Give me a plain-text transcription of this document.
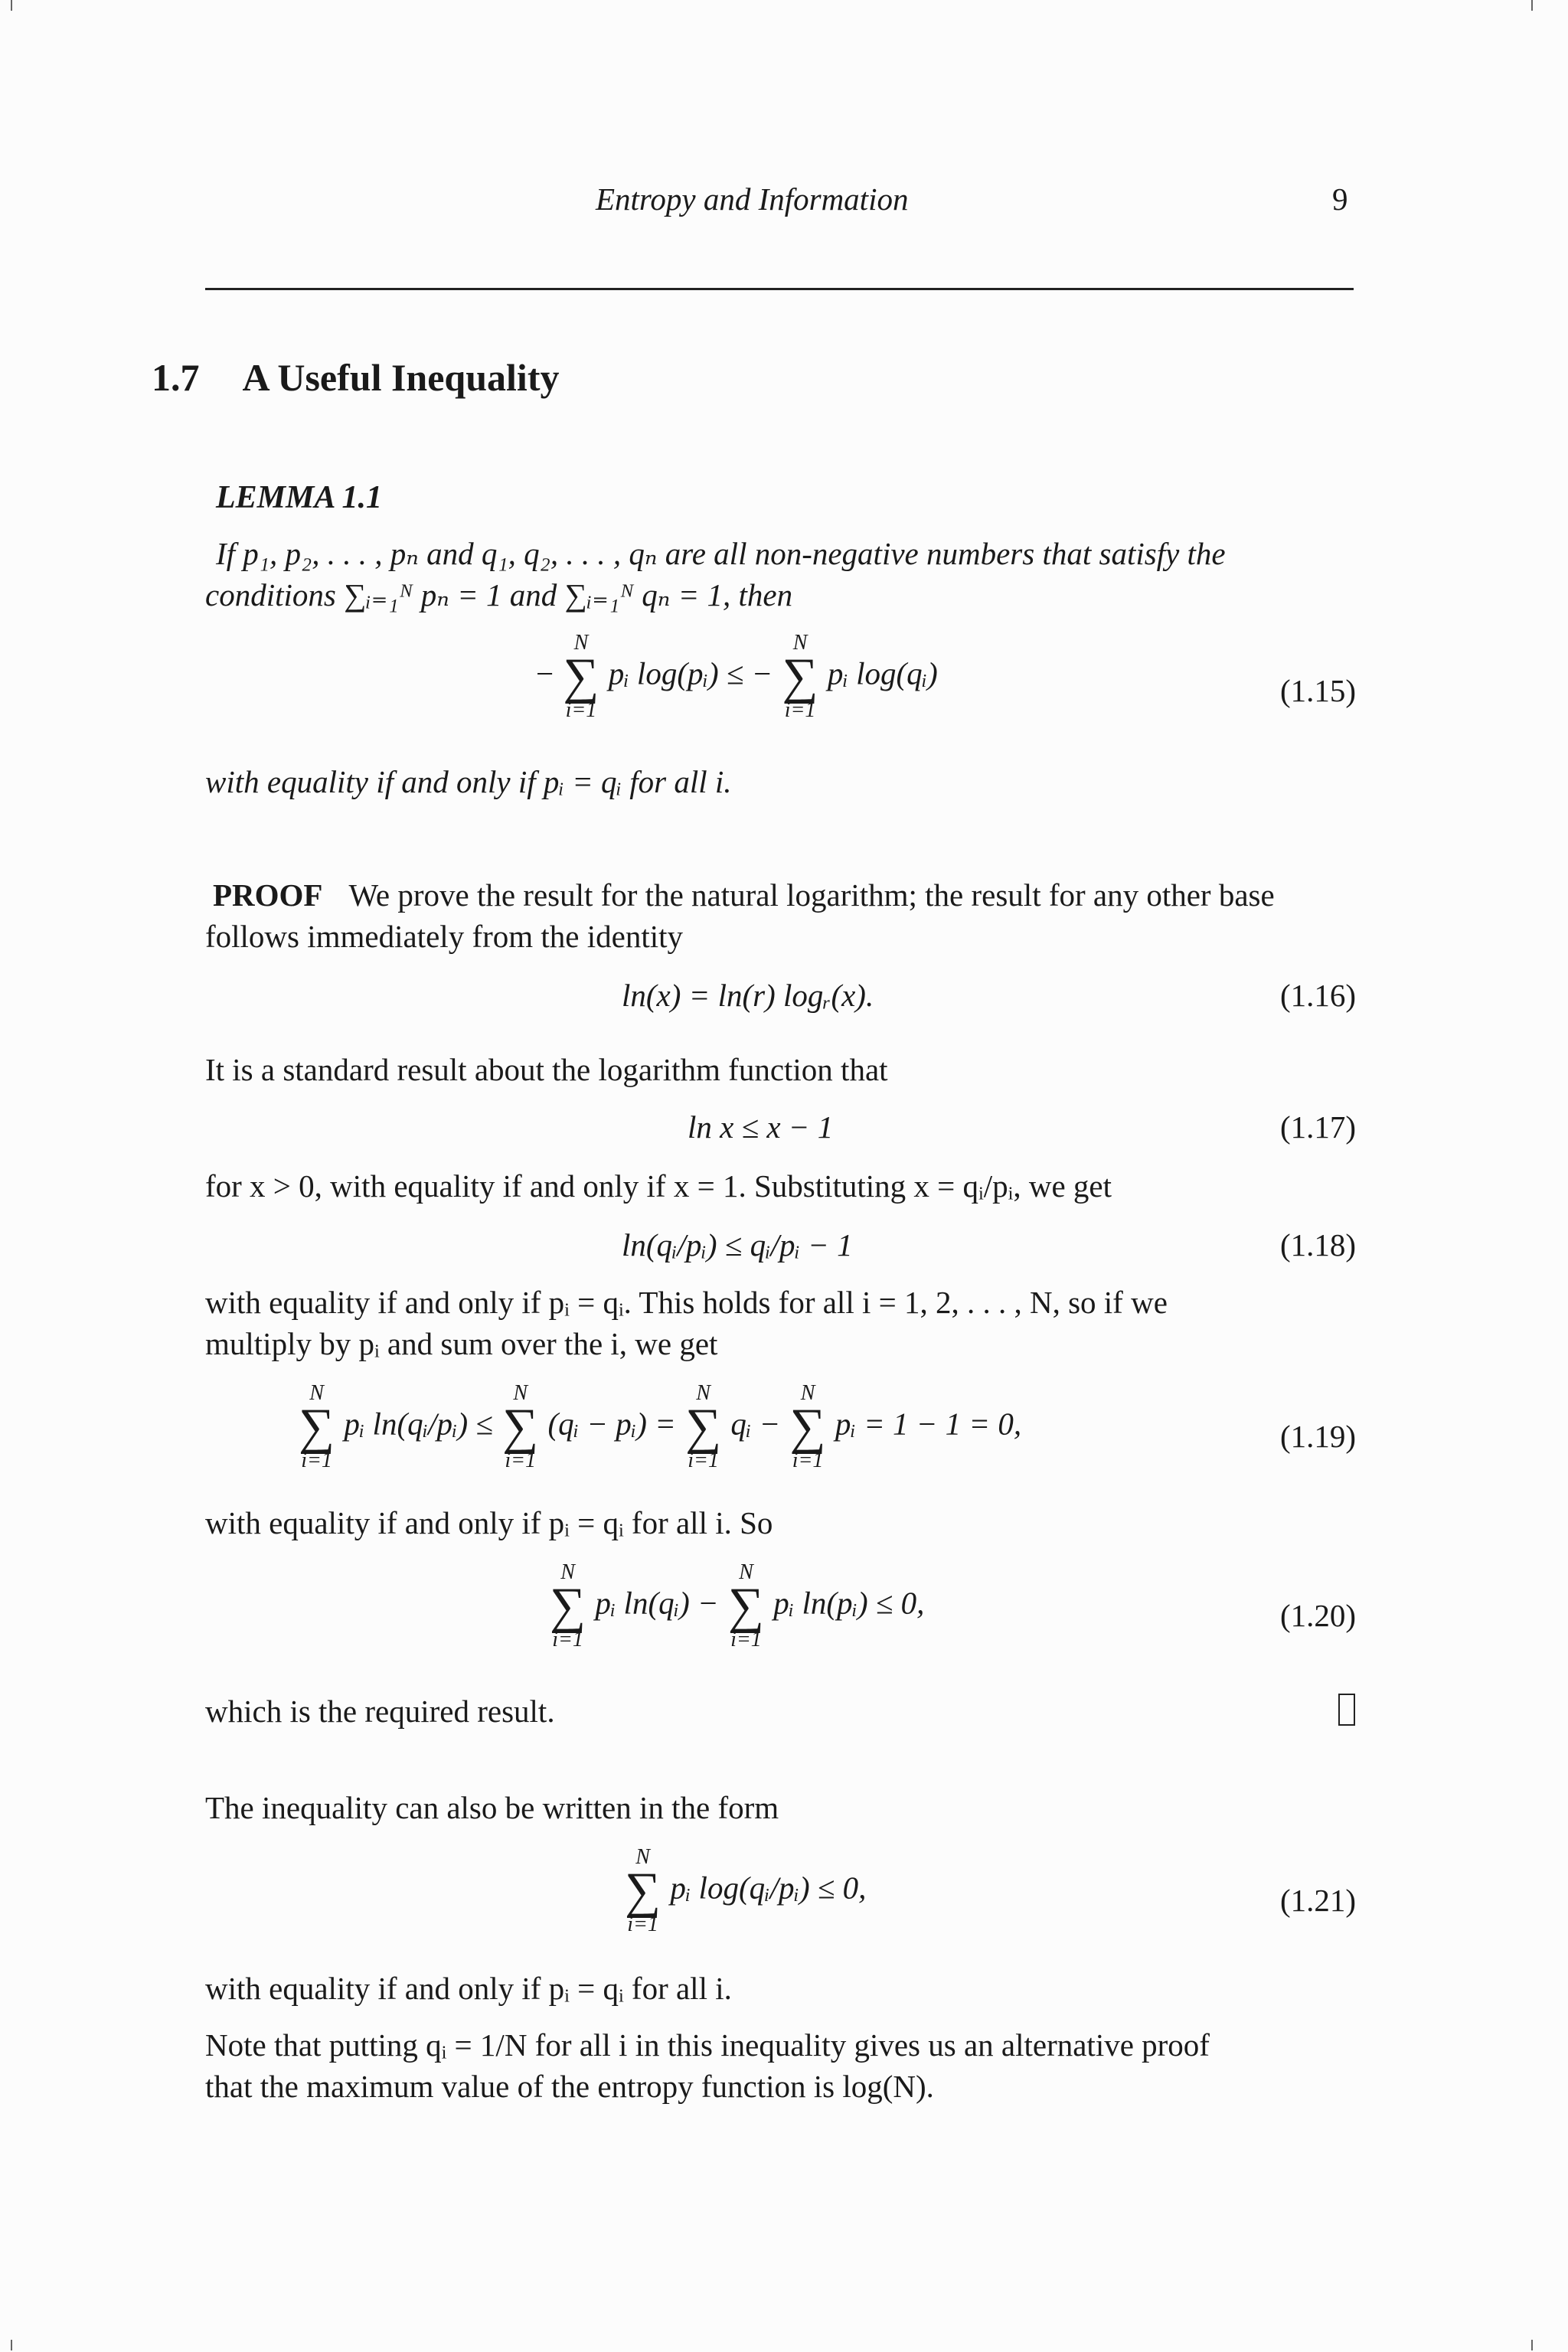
Entropy and Information	9
1.7 A Useful Inequality
LEMMA 1.1
If p₁, p₂, . . . , pₙ and q₁, q₂, . . . , qₙ are all non-negative numbers that satisfy the
conditions ∑ᵢ₌₁ᴺ pₙ = 1 and ∑ᵢ₌₁ᴺ qₙ = 1, then
−
N
∑
i=1
pᵢ log(pᵢ) ≤ −
N
∑
i=1
pᵢ log(qᵢ)	(1.15)
with equality if and only if pᵢ = qᵢ for all i.
PROOF We prove the result for the natural logarithm; the result for any other base
follows immediately from the identity
ln(x) = ln(r) logᵣ(x).	(1.16)
It is a standard result about the logarithm function that
ln x ≤ x − 1	(1.17)
for x > 0, with equality if and only if x = 1. Substituting x = qᵢ/pᵢ, we get
ln(qᵢ/pᵢ) ≤ qᵢ/pᵢ − 1	(1.18)
with equality if and only if pᵢ = qᵢ. This holds for all i = 1, 2, . . . , N, so if we
multiply by pᵢ and sum over the i, we get
N
∑
i=1
pᵢ ln(qᵢ/pᵢ) ≤
N
∑
i=1
(qᵢ − pᵢ) =
N
∑
i=1
qᵢ −
N
∑
i=1
pᵢ = 1 − 1 = 0,	(1.19)
with equality if and only if pᵢ = qᵢ for all i. So
N
∑
i=1
pᵢ ln(qᵢ) −
N
∑
i=1
pᵢ ln(pᵢ) ≤ 0,	(1.20)
which is the required result.
The inequality can also be written in the form
N
∑
i=1
pᵢ log(qᵢ/pᵢ) ≤ 0,	(1.21)
with equality if and only if pᵢ = qᵢ for all i.
Note that putting qᵢ = 1/N for all i in this inequality gives us an alternative proof
that the maximum value of the entropy function is log(N).
